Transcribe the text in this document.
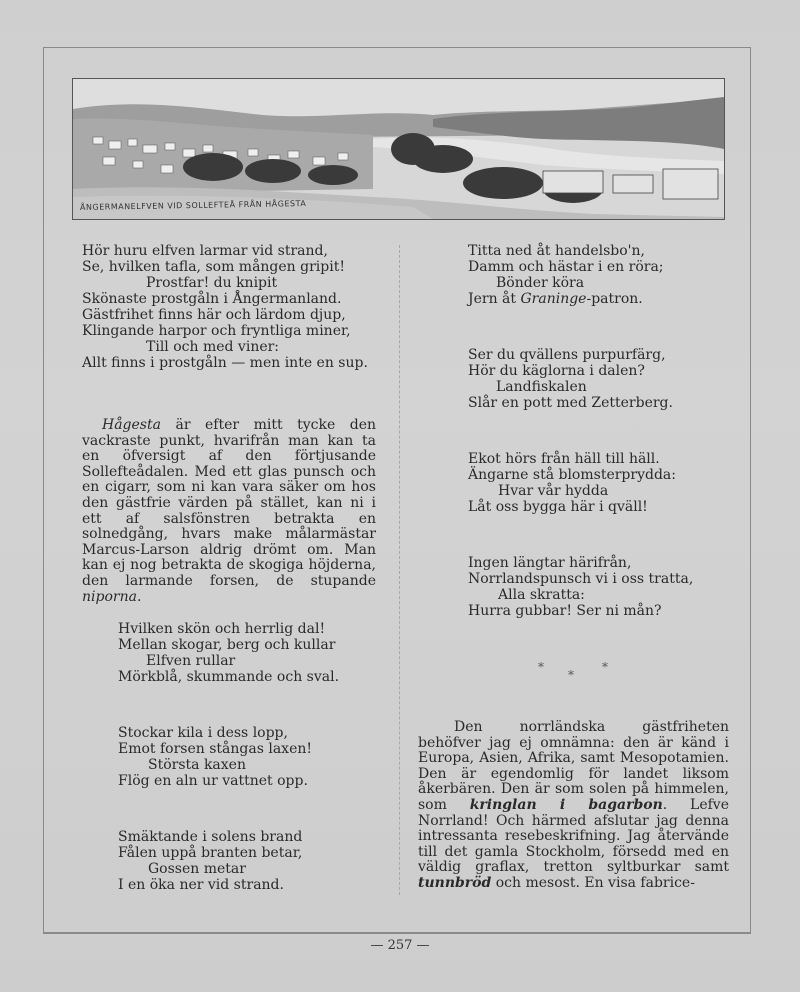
ÅNGERMANELFVEN VID SOLLEFTEÅ FRÅN HÅGESTA
Hör huru elfven larmar vid strand,
Se, hvilken tafla, som mången gripit!
Prostfar! du knipit
Skönaste prostgåln i Ångermanland.
Gästfrihet finns här och lärdom djup,
Klingande harpor och fryntliga miner,
Till och med viner:
Allt finns i prostgåln — men inte en sup.

Hågesta är efter mitt tycke den vackraste punkt, hvarifrån man kan ta en öfversigt af den förtjusande Sollefteådalen. Med ett glas punsch och en cigarr, som ni kan vara säker om hos den gästfrie värden på stället, kan ni i ett af salsfönstren betrakta en solnedgång, hvars make målarmästar Marcus-Larson aldrig drömt om. Man kan ej nog betrakta de skogiga höjderna, den larmande forsen, de stupande niporna.

Hvilken skön och herrlig dal!
Mellan skogar, berg och kullar
Elfven rullar
Mörkblå, skummande och sval.
Stockar kila i dess lopp,
Emot forsen stångas laxen!
Största kaxen
Flög en aln ur vattnet opp.
Smäktande i solens brand
Fålen uppå branten betar,
Gossen metar
I en öka ner vid strand.
Titta ned åt handelsbo'n,
Damm och hästar i en röra;
Bönder köra
Jern åt Graninge-patron.
Ser du qvällens purpurfärg,
Hör du käglorna i dalen?
Landfiskalen
Slår en pott med Zetterberg.
Ekot hörs från häll till häll.
Ängarne stå blomsterprydda:
Hvar vår hydda
Låt oss bygga här i qväll!
Ingen längtar härifrån,
Norrlandspunsch vi i oss tratta,
Alla skratta:
Hurra gubbar! Ser ni mån?
*
*
*

Den norrländska gästfriheten behöfver jag ej omnämna: den är känd i Europa, Asien, Afrika, samt Mesopotamien. Den är egendomlig för landet liksom åkerbären. Den är som solen på himmelen, som kringlan i bagarbon. Lefve Norrland! Och härmed afslutar jag denna intressanta resebeskrifning. Jag återvände till det gamla Stockholm, försedd med en väldig graflax, tretton syltburkar samt tunnbröd och mesost. En visa fabrice-

— 257 —
